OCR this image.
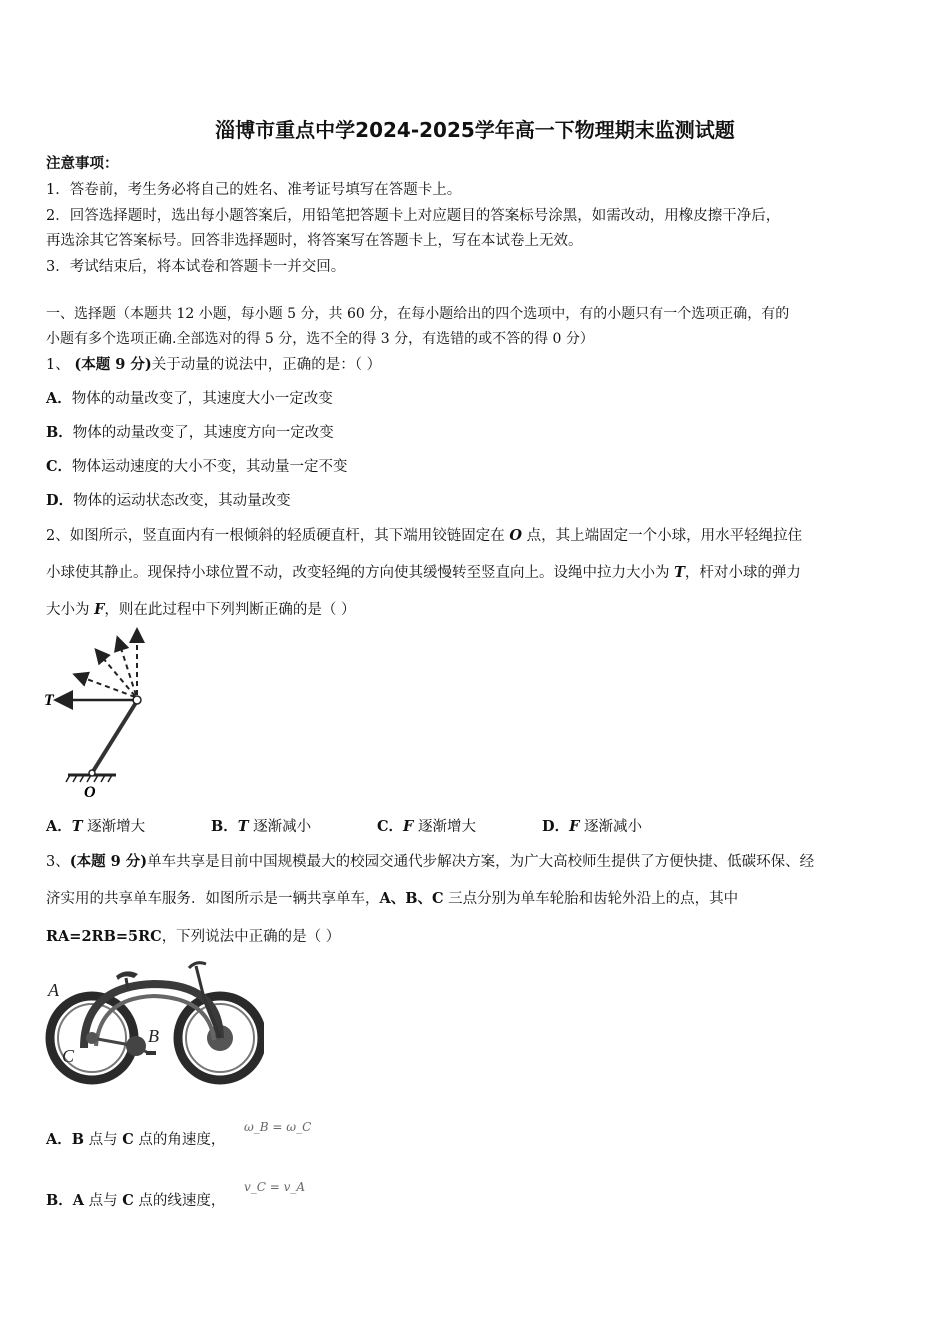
淄博市重点中学2024-2025学年高一下物理期末监测试题
注意事项：
1．答卷前，考生务必将自己的姓名、准考证号填写在答题卡上。
2．回答选择题时，选出每小题答案后，用铅笔把答题卡上对应题目的答案标号涂黑，如需改动，用橡皮擦干净后，
再选涂其它答案标号。回答非选择题时，将答案写在答题卡上，写在本试卷上无效。
3．考试结束后，将本试卷和答题卡一并交回。
一、选择题（本题共 12 小题，每小题 5 分，共 60 分，在每小题给出的四个选项中，有的小题只有一个选项正确，有的
小题有多个选项正确.全部选对的得 5 分，选不全的得 3 分，有选错的或不答的得 0 分）
1、 (本题 9 分)关于动量的说法中，正确的是：（ ）
A．物体的动量改变了，其速度大小一定改变
B．物体的动量改变了，其速度方向一定改变
C．物体运动速度的大小不变，其动量一定不变
D．物体的运动状态改变，其动量改变
2、如图所示，竖直面内有一根倾斜的轻质硬直杆，其下端用铰链固定在 O 点，其上端固定一个小球，用水平轻绳拉住
小球使其静止。现保持小球位置不动，改变轻绳的方向使其缓慢转至竖直向上。设绳中拉力大小为 T，杆对小球的弹力
大小为 F，则在此过程中下列判断正确的是（ ）
T
O
A．T 逐渐增大	B．T 逐渐减小	C．F 逐渐增大	D．F 逐渐减小
3、(本题 9 分)单车共享是目前中国规模最大的校园交通代步解决方案，为广大高校师生提供了方便快捷、低碳环保、经
济实用的共享单车服务．如图所示是一辆共享单车，A、B、C 三点分别为单车轮胎和齿轮外沿上的点，其中
RA=2RB=5RC，下列说法中正确的是（ ）
A
B
C
A．B 点与 C 点的角速度，
ω_B = ω_C
B．A 点与 C 点的线速度，
v_C = v_A
